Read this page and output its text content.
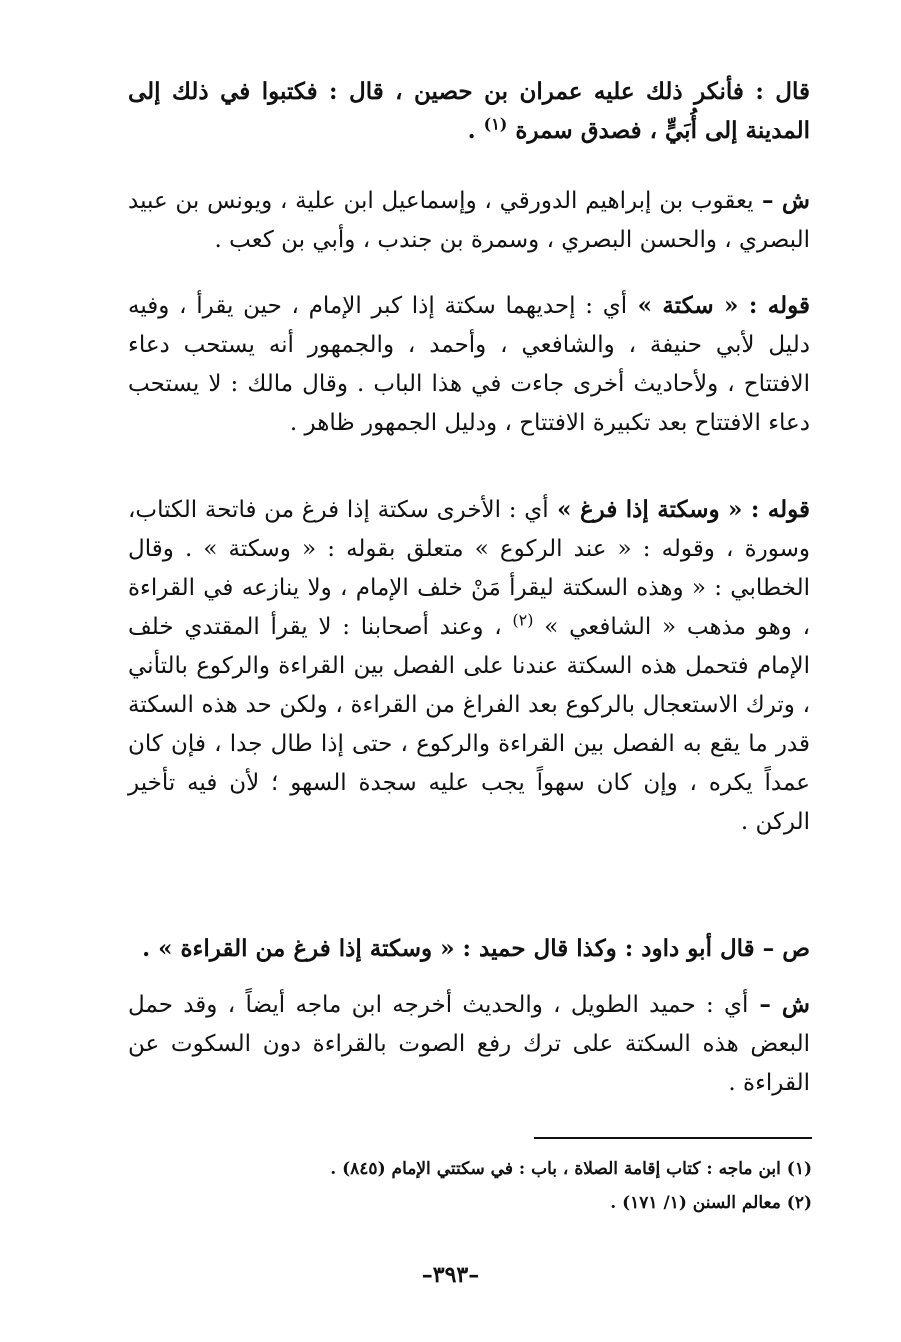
قال : فأنكر ذلك عليه عمران بن حصين ، قال : فكتبوا في ذلك إلى المدينة إلى أُبَيٍّ ، فصدق سمرة $^{(١)}$ .

ش – يعقوب بن إبراهيم الدورقي ، وإسماعيل ابن علية ، ويونس بن عبيد البصري ، والحسن البصري ، وسمرة بن جندب ، وأبي بن كعب .

قوله : « سكتة » أي : إحديهما سكتة إذا كبر الإمام ، حين يقرأ ، وفيه دليل لأبي حنيفة ، والشافعي ، وأحمد ، والجمهور أنه يستحب دعاء الافتتاح ، ولأحاديث أخرى جاءت في هذا الباب . وقال مالك : لا يستحب دعاء الافتتاح بعد تكبيرة الافتتاح ، ودليل الجمهور ظاهر .

قوله : « وسكتة إذا فرغ » أي : الأخرى سكتة إذا فرغ من فاتحة الكتاب، وسورة ، وقوله : « عند الركوع » متعلق بقوله : « وسكتة » . وقال الخطابي : « وهذه السكتة ليقرأ مَنْ خلف الإمام ، ولا ينازعه في القراءة ، وهو مذهب « الشافعي » $^{(٢)}$ ، وعند أصحابنا : لا يقرأ المقتدي خلف الإمام فتحمل هذه السكتة عندنا على الفصل بين القراءة والركوع بالتأني ، وترك الاستعجال بالركوع بعد الفراغ من القراءة ، ولكن حد هذه السكتة قدر ما يقع به الفصل بين القراءة والركوع ، حتى إذا طال جدا ، فإن كان عمداً يكره ، وإن كان سهواً يجب عليه سجدة السهو ؛ لأن فيه تأخير الركن .

ص – قال أبو داود : وكذا قال حميد : « وسكتة إذا فرغ من القراءة » .

ش – أي : حميد الطويل ، والحديث أخرجه ابن ماجه أيضاً ، وقد حمل البعض هذه السكتة على ترك رفع الصوت بالقراءة دون السكوت عن القراءة .

(١) ابن ماجه : كتاب إقامة الصلاة ، باب : في سكتتي الإمام (٨٤٥) .
(٢) معالم السنن (١/ ١٧١) .
–٣٩٣–
